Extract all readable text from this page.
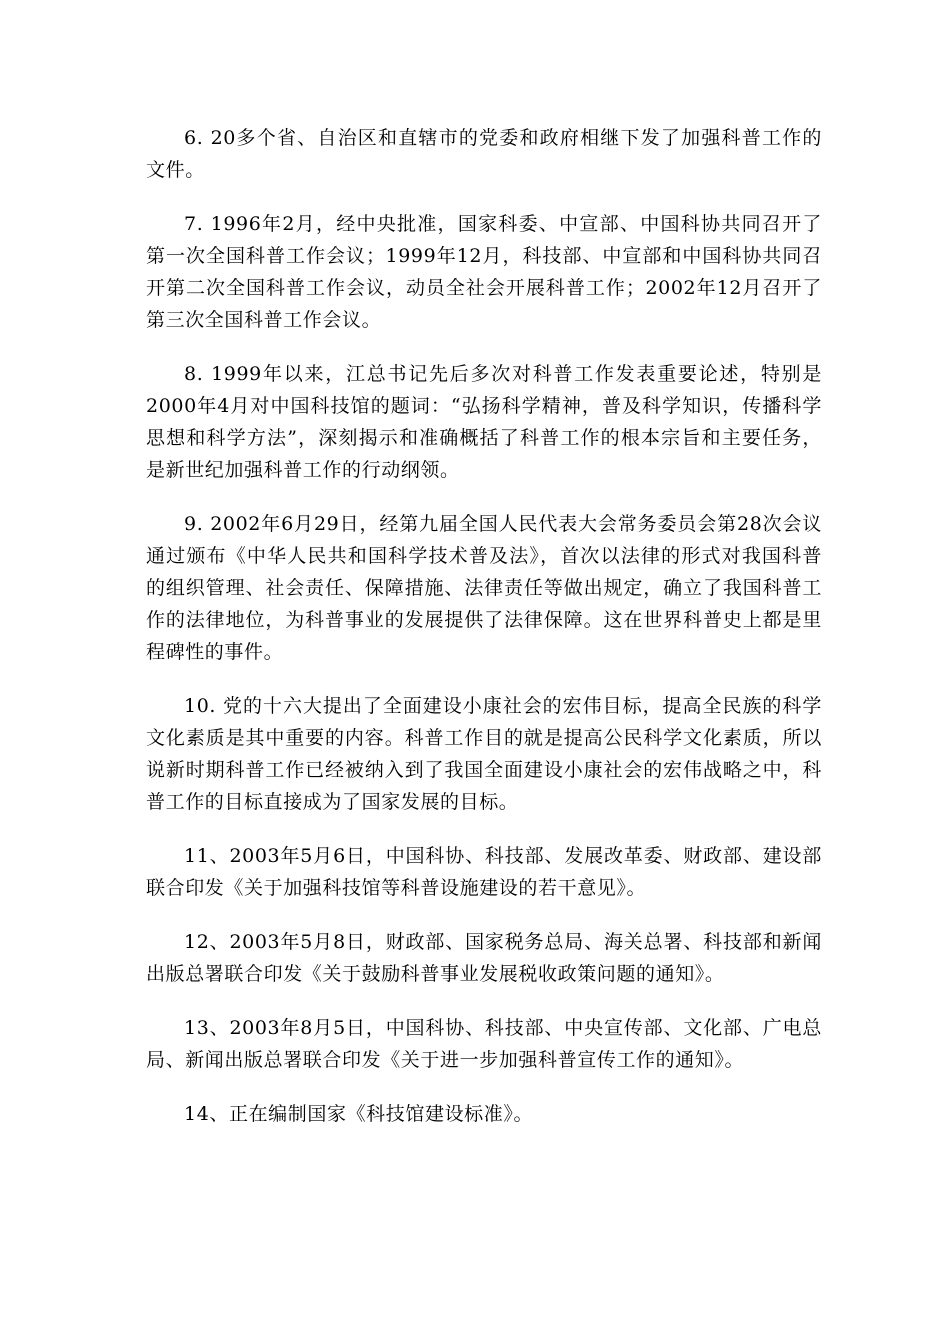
6. 20多个省、自治区和直辖市的党委和政府相继下发了加强科普工作的文件。

7. 1996年2月，经中央批准，国家科委、中宣部、中国科协共同召开了第一次全国科普工作会议；1999年12月，科技部、中宣部和中国科协共同召开第二次全国科普工作会议，动员全社会开展科普工作；2002年12月召开了第三次全国科普工作会议。

8. 1999年以来，江总书记先后多次对科普工作发表重要论述，特别是2000年4月对中国科技馆的题词：“弘扬科学精神，普及科学知识，传播科学思想和科学方法”，深刻揭示和准确概括了科普工作的根本宗旨和主要任务，是新世纪加强科普工作的行动纲领。

9. 2002年6月29日，经第九届全国人民代表大会常务委员会第28次会议通过颁布《中华人民共和国科学技术普及法》，首次以法律的形式对我国科普的组织管理、社会责任、保障措施、法律责任等做出规定，确立了我国科普工作的法律地位，为科普事业的发展提供了法律保障。这在世界科普史上都是里程碑性的事件。

10. 党的十六大提出了全面建设小康社会的宏伟目标，提高全民族的科学文化素质是其中重要的内容。科普工作目的就是提高公民科学文化素质，所以说新时期科普工作已经被纳入到了我国全面建设小康社会的宏伟战略之中，科普工作的目标直接成为了国家发展的目标。

11、2003年5月6日，中国科协、科技部、发展改革委、财政部、建设部联合印发《关于加强科技馆等科普设施建设的若干意见》。

12、2003年5月8日，财政部、国家税务总局、海关总署、科技部和新闻出版总署联合印发《关于鼓励科普事业发展税收政策问题的通知》。

13、2003年8月5日，中国科协、科技部、中央宣传部、文化部、广电总局、新闻出版总署联合印发《关于进一步加强科普宣传工作的通知》。

14、正在编制国家《科技馆建设标准》。
